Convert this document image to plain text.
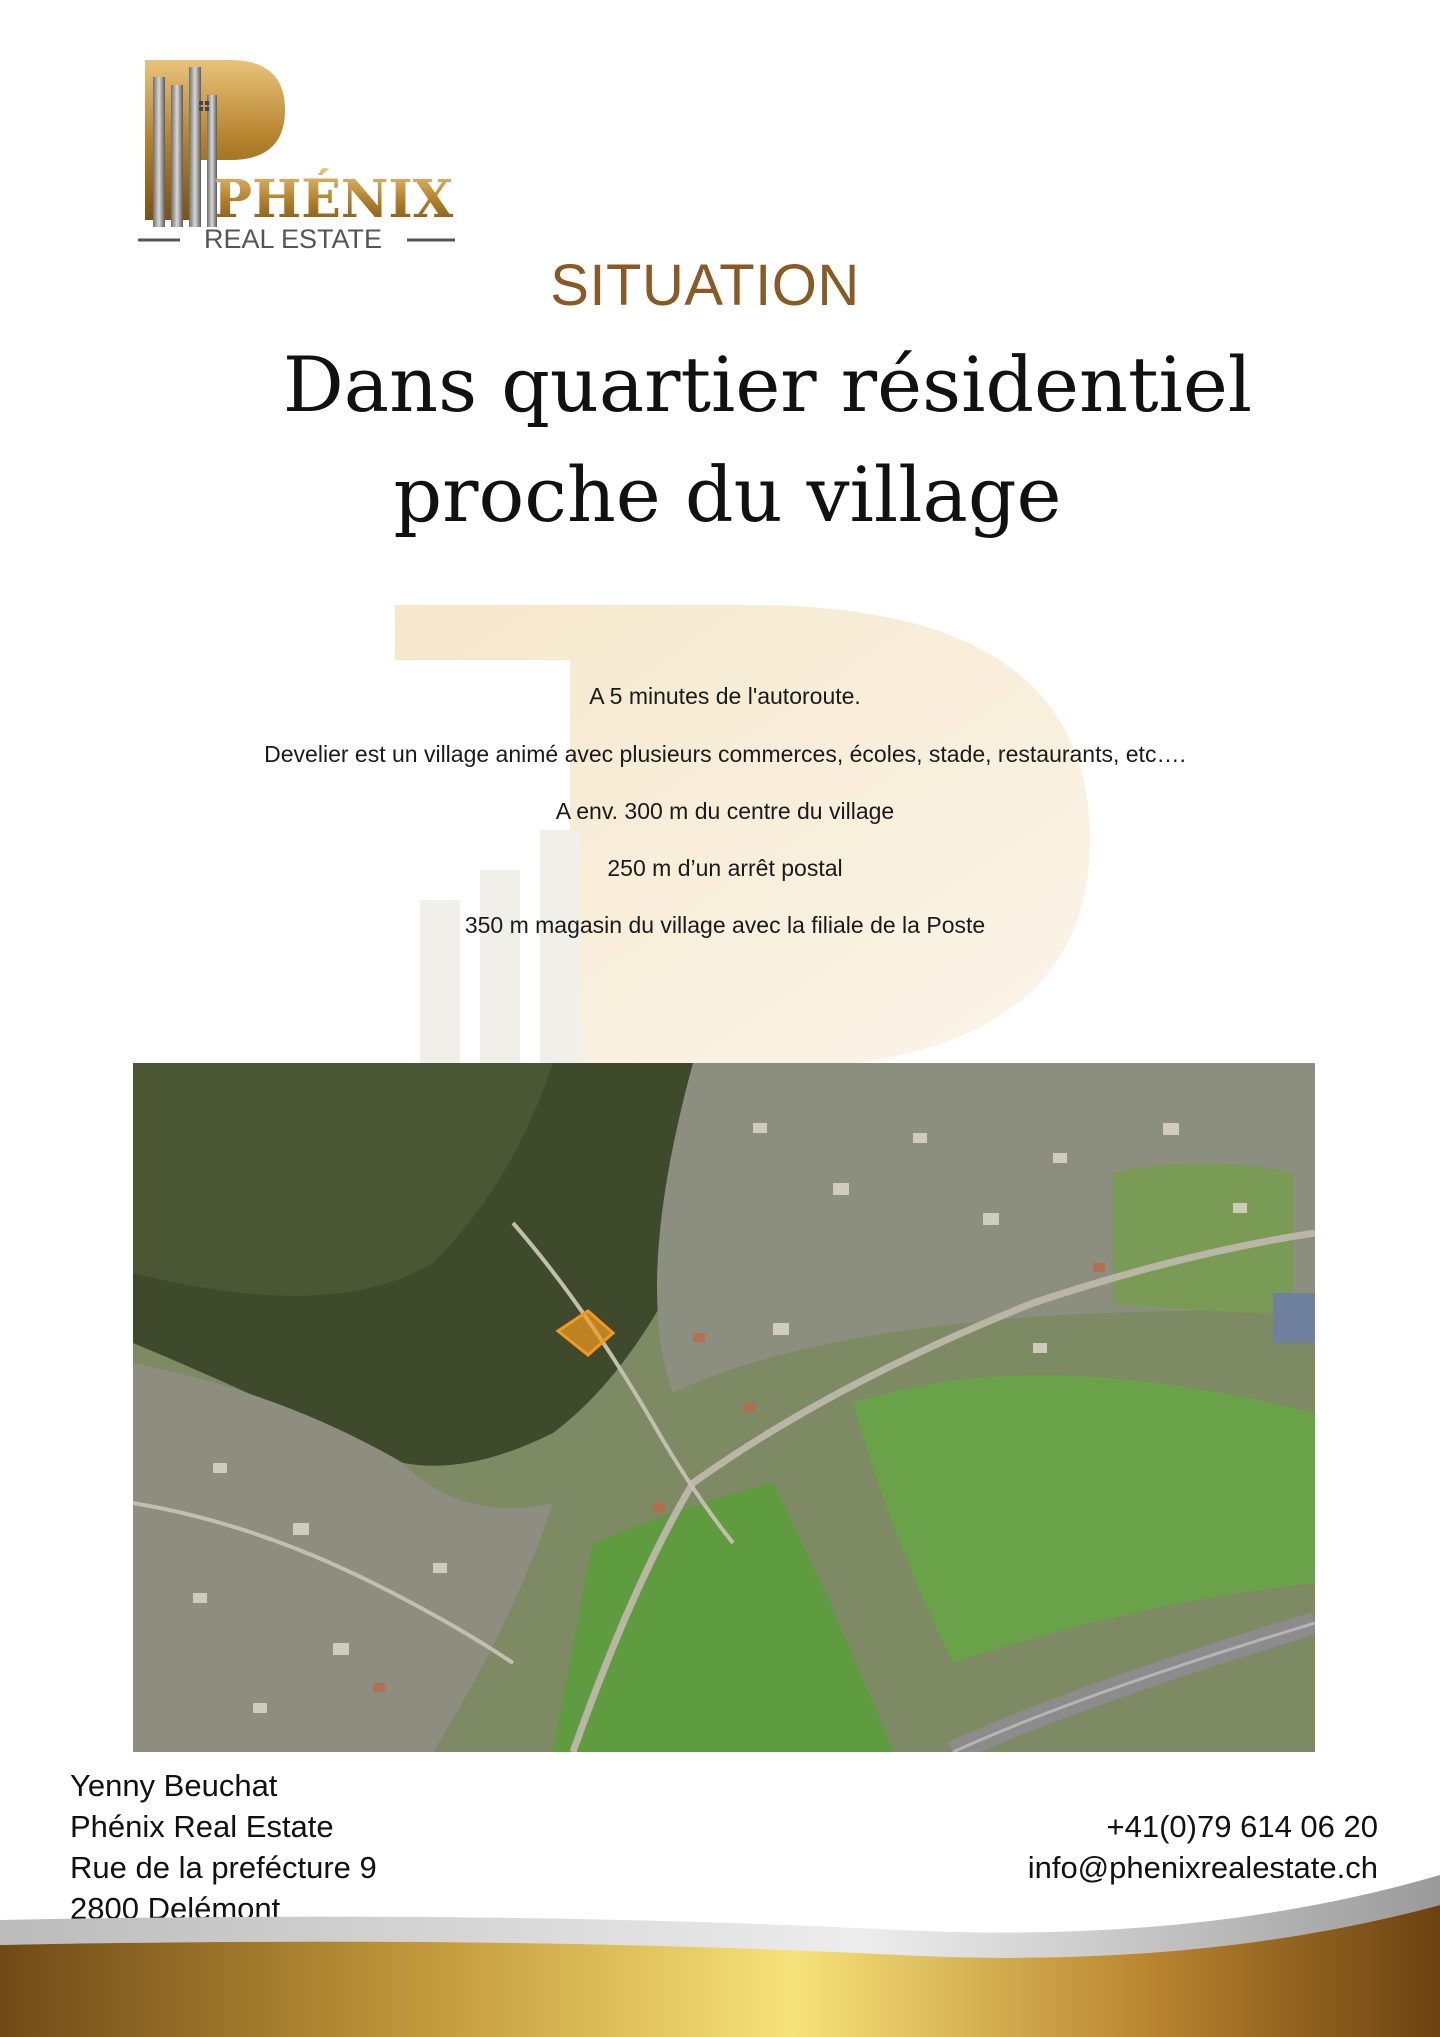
PHÉNIX
REAL ESTATE
SITUATION
Dans quartier résidentiel
proche du village
A 5 minutes de l'autoroute.
Develier est un village animé avec plusieurs commerces, écoles, stade, restaurants, etc….
A env. 300 m du centre du village
250 m d’un arrêt postal
350 m magasin du village avec la filiale de la Poste
Yenny Beuchat
Phénix Real Estate
Rue de la prefécture 9
2800 Delémont
+41(0)79 614 06 20
info@phenixrealestate.ch
